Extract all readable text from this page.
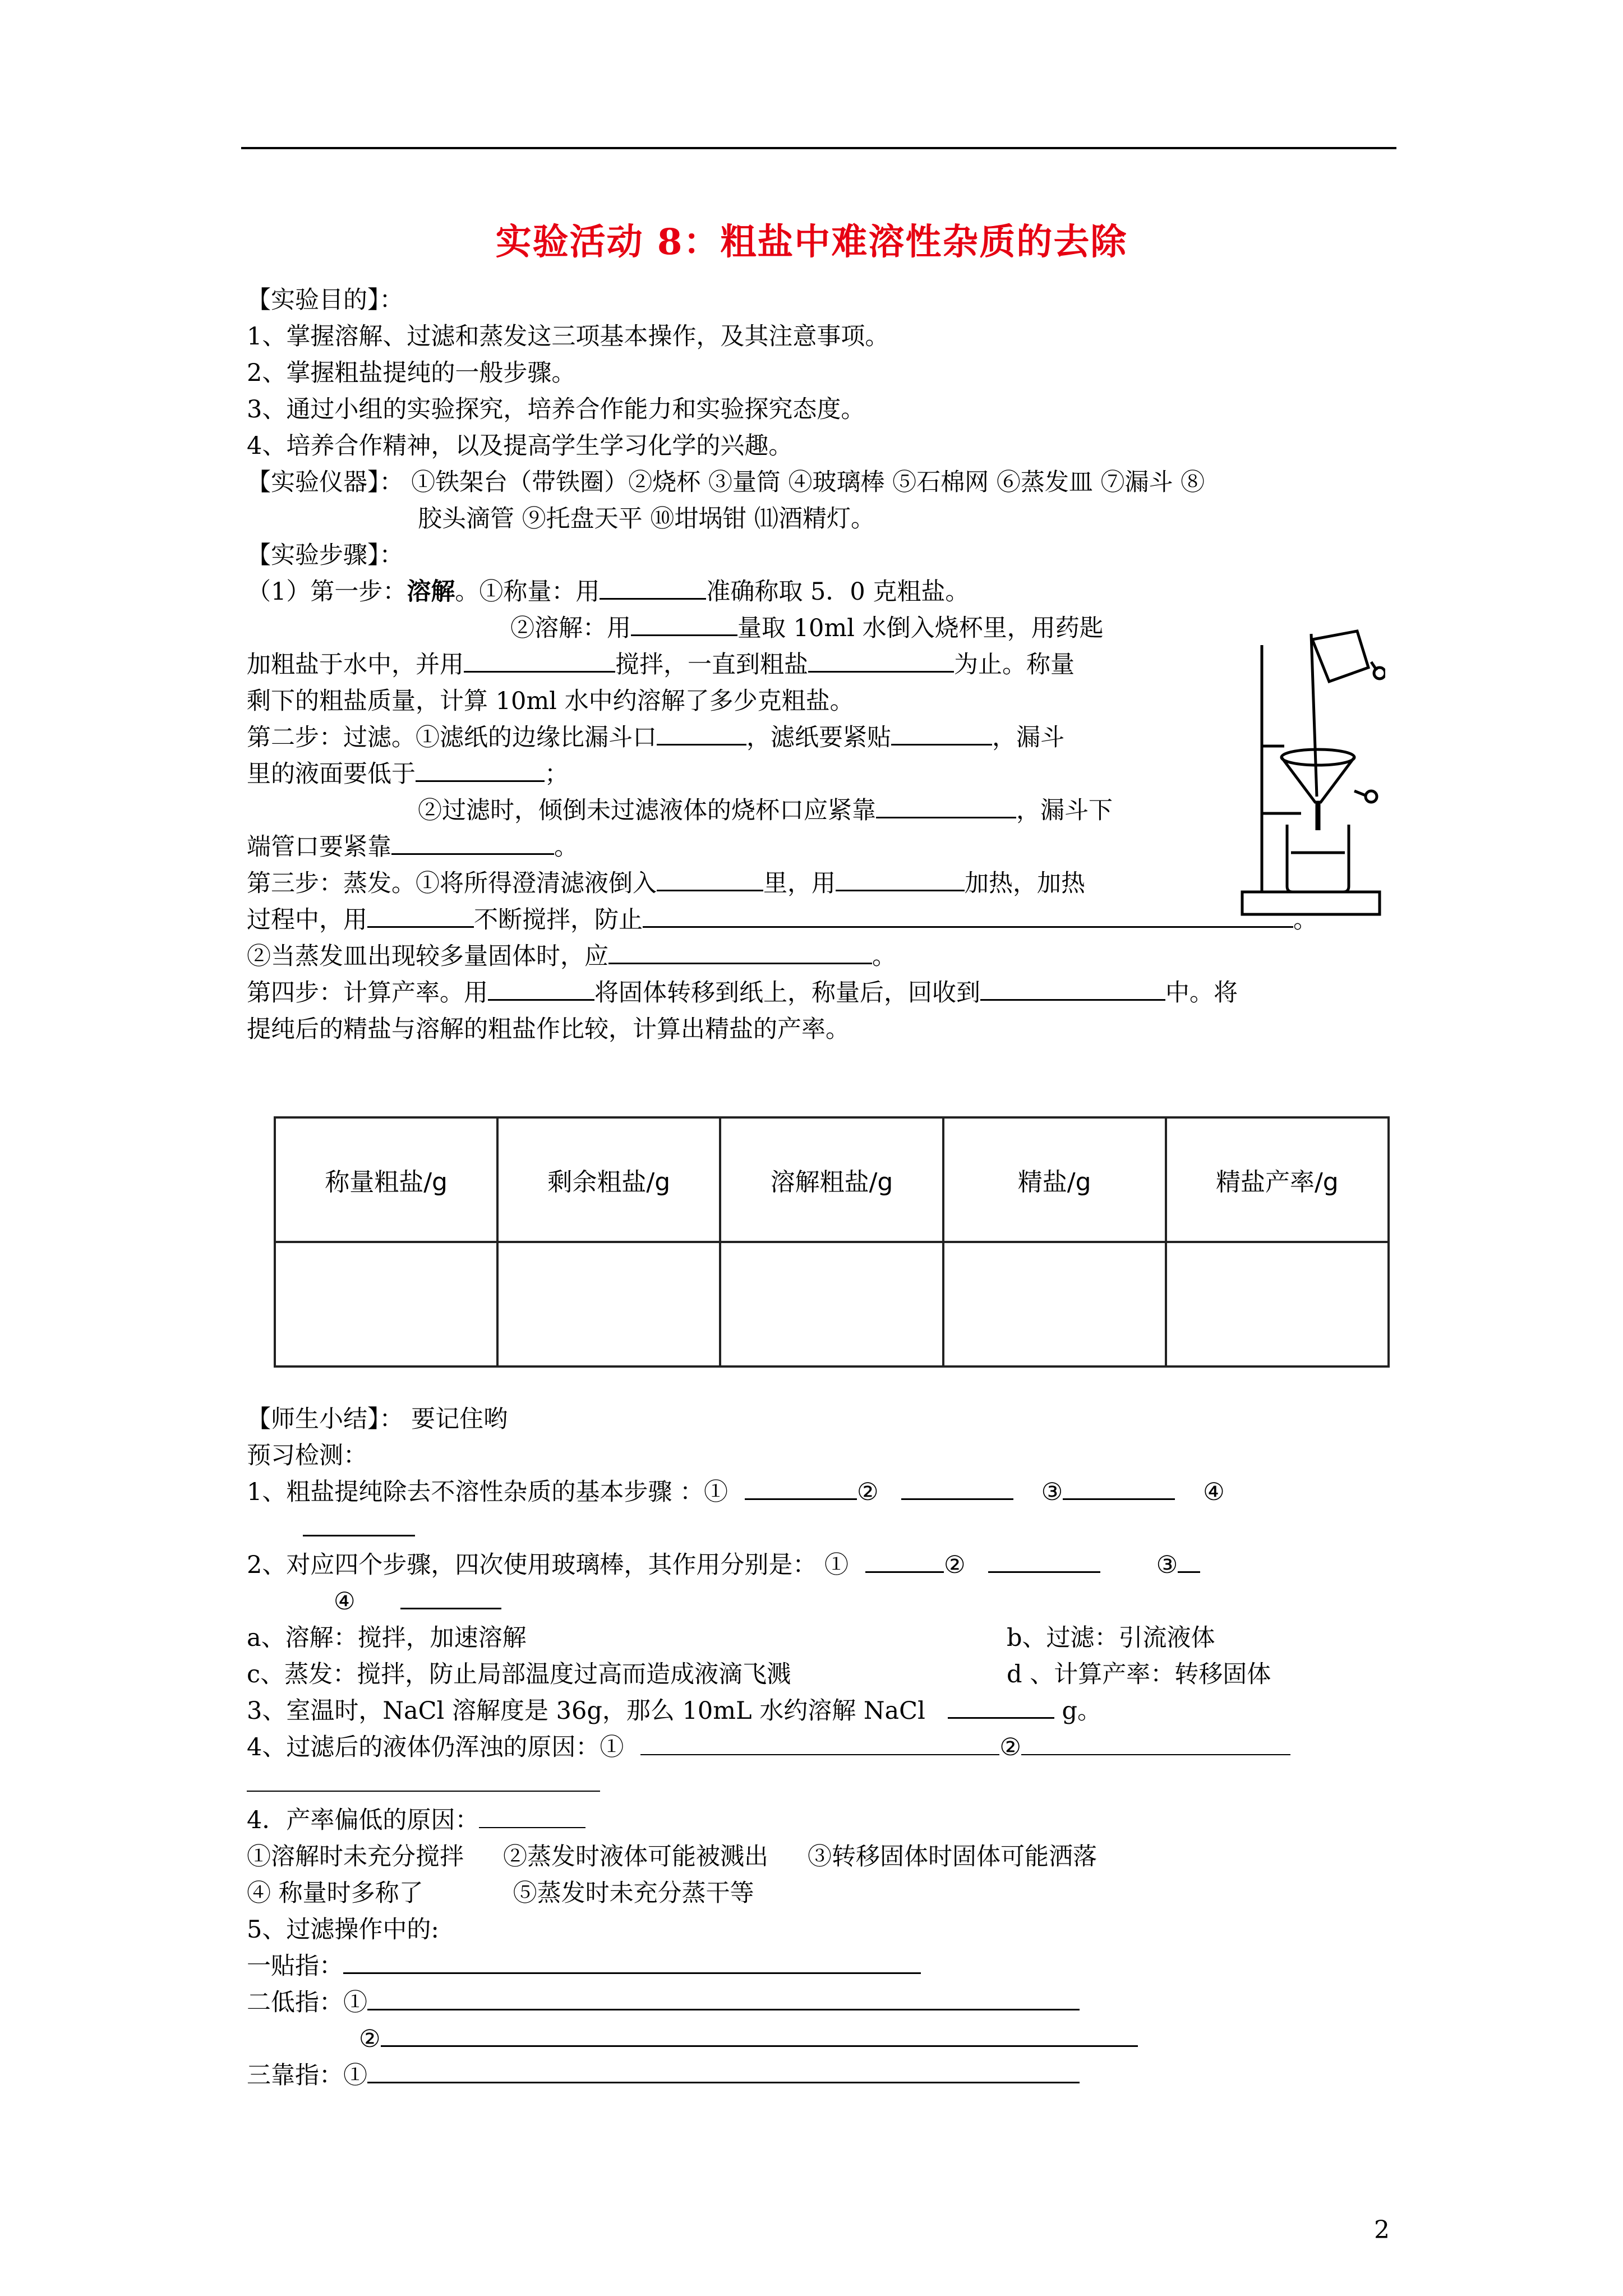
实验活动 8：粗盐中难溶性杂质的去除
【实验目的】：
1、掌握溶解、过滤和蒸发这三项基本操作，及其注意事项。
2、掌握粗盐提纯的一般步骤。
3、通过小组的实验探究，培养合作能力和实验探究态度。
4、培养合作精神，以及提高学生学习化学的兴趣。
【实验仪器】： ①铁架台（带铁圈）②烧杯 ③量筒 ④玻璃棒 ⑤石棉网 ⑥蒸发皿 ⑦漏斗 ⑧
胶头滴管 ⑨托盘天平 ⑩坩埚钳 ⑾酒精灯。
【实验步骤】：
（1）第一步：溶解。①称量：用	准确称取 5．0 克粗盐。
②溶解：用	量取 10ml 水倒入烧杯里，用药匙
加粗盐于水中，并用	搅拌，一直到粗盐	为止。称量
剩下的粗盐质量，计算 10ml 水中约溶解了多少克粗盐。
第二步：过滤。①滤纸的边缘比漏斗口	，滤纸要紧贴	，漏斗
里的液面要低于	；
②过滤时，倾倒未过滤液体的烧杯口应紧靠	，漏斗下
端管口要紧靠	。
第三步：蒸发。①将所得澄清滤液倒入	里，用	加热，加热
过程中，用	不断搅拌，防止	。
②当蒸发皿出现较多量固体时，应	。
第四步：计算产率。用	将固体转移到纸上，称量后，回收到	中。将
提纯后的精盐与溶解的粗盐作比较，计算出精盐的产率。
称量粗盐/g	剩余粗盐/g	溶解粗盐/g	精盐/g	精盐产率/g

【师生小结】： 要记住哟
预习检测：
1、粗盐提纯除去不溶性杂质的基本步骤 ：①	②	③	④
2、对应四个步骤，四次使用玻璃棒，其作用分别是： ①	②	③
④
a、溶解：搅拌，加速溶解	b、过滤：引流液体
c、蒸发：搅拌，防止局部温度过高而造成液滴飞溅	d 、计算产率：转移固体
3、室温时，NaCl 溶解度是 36g，那么 10mL 水约溶解 NaCl	g。
4、过滤后的液体仍浑浊的原因：①	②
4．产率偏低的原因：
①溶解时未充分搅拌 ②蒸发时液体可能被溅出 ③转移固体时固体可能洒落
④ 称量时多称了	⑤蒸发时未充分蒸干等
5、过滤操作中的:
一贴指：
二低指：①
②
三靠指：①
2
